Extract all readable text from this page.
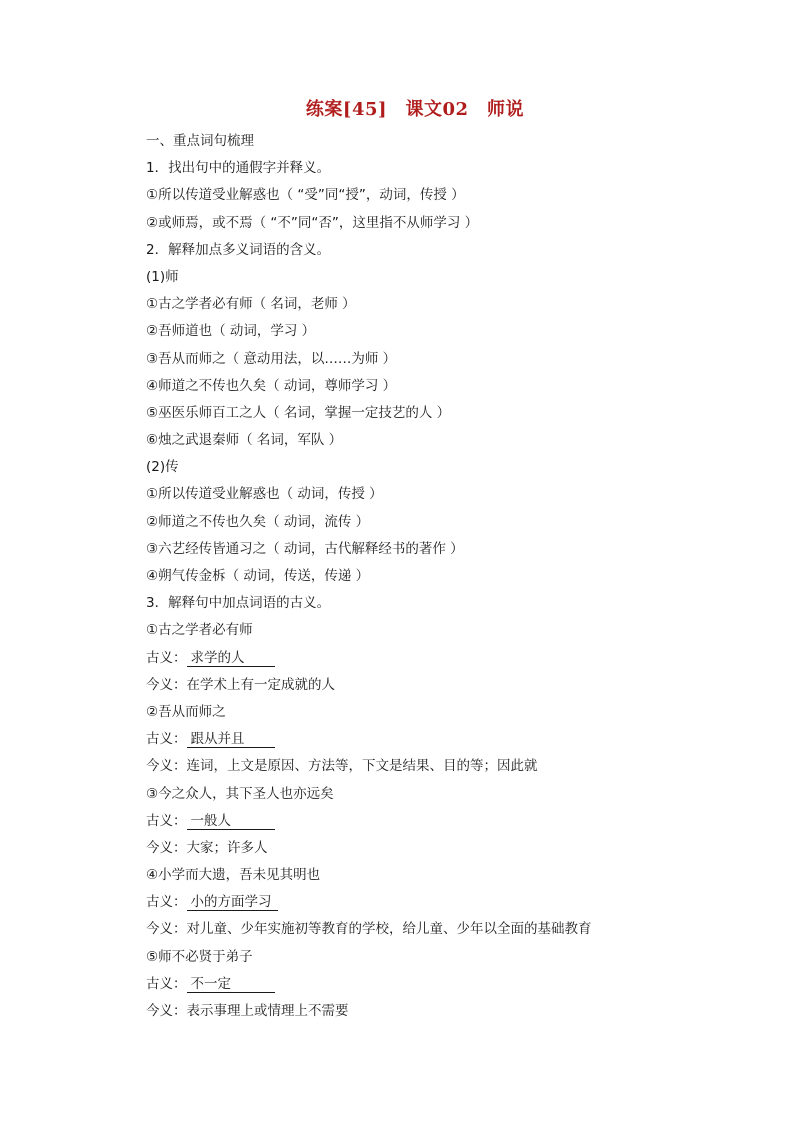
练案[45]　课文02　师说
一、重点词句梳理
1．找出句中的通假字并释义。
①所以传道受业解惑也（ “受”同“授”，动词，传授 ）
②或师焉，或不焉（ “不”同“否”，这里指不从师学习 ）
2．解释加点多义词语的含义。
(1)师
①古之学者必有师（ 名词，老师 ）
②吾师道也（ 动词，学习 ）
③吾从而师之（ 意动用法，以……为师 ）
④师道之不传也久矣（ 动词，尊师学习 ）
⑤巫医乐师百工之人（ 名词，掌握一定技艺的人 ）
⑥烛之武退秦师（ 名词，军队 ）
(2)传
①所以传道受业解惑也（ 动词，传授 ）
②师道之不传也久矣（ 动词，流传 ）
③六艺经传皆通习之（ 动词，古代解释经书的著作 ）
④朔气传金柝（ 动词，传送，传递 ）
3．解释句中加点词语的古义。
①古之学者必有师
古义： 求学的人
今义：在学术上有一定成就的人
②吾从而师之
古义： 跟从并且
今义：连词，上文是原因、方法等，下文是结果、目的等；因此就
③今之众人，其下圣人也亦远矣
古义： 一般人
今义：大家；许多人
④小学而大遗，吾未见其明也
古义： 小的方面学习
今义：对儿童、少年实施初等教育的学校，给儿童、少年以全面的基础教育
⑤师不必贤于弟子
古义： 不一定
今义：表示事理上或情理上不需要
